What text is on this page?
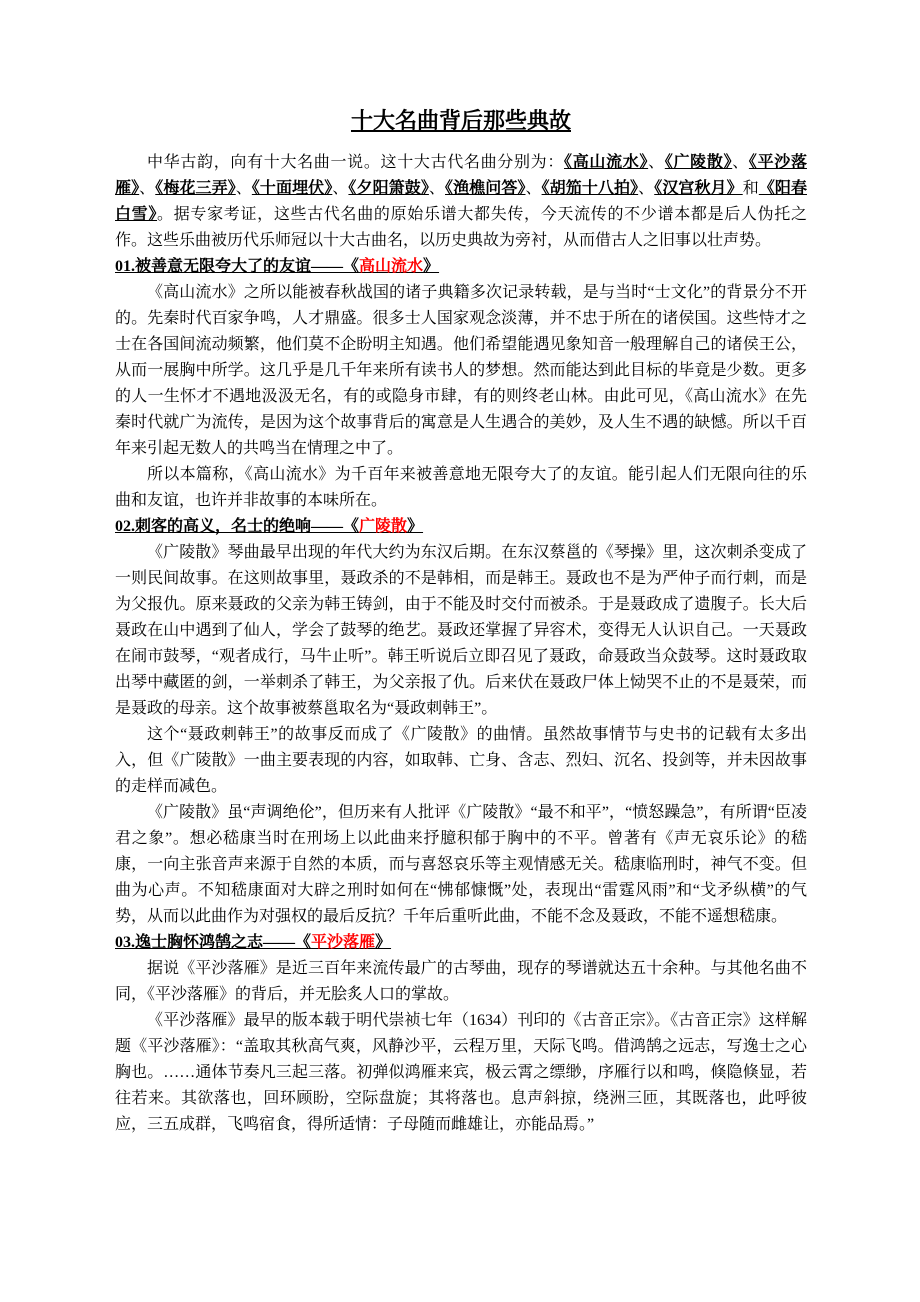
十大名曲背后那些典故

中华古韵，向有十大名曲一说。这十大古代名曲分别为：《高山流水》、《广陵散》、《平沙落雁》、《梅花三弄》、《十面埋伏》、《夕阳箫鼓》、《渔樵问答》、《胡笳十八拍》、《汉宫秋月》和《阳春白雪》。据专家考证，这些古代名曲的原始乐谱大都失传，今天流传的不少谱本都是后人伪托之作。这些乐曲被历代乐师冠以十大古曲名，以历史典故为旁衬，从而借古人之旧事以壮声势。

01.被善意无限夸大了的友谊——《高山流水》

《高山流水》之所以能被春秋战国的诸子典籍多次记录转载，是与当时“士文化”的背景分不开的。先秦时代百家争鸣，人才鼎盛。很多士人国家观念淡薄，并不忠于所在的诸侯国。这些恃才之士在各国间流动频繁，他们莫不企盼明主知遇。他们希望能遇见象知音一般理解自己的诸侯王公，从而一展胸中所学。这几乎是几千年来所有读书人的梦想。然而能达到此目标的毕竟是少数。更多的人一生怀才不遇地汲汲无名，有的或隐身市肆，有的则终老山林。由此可见，《高山流水》在先秦时代就广为流传，是因为这个故事背后的寓意是人生遇合的美妙，及人生不遇的缺憾。所以千百年来引起无数人的共鸣当在情理之中了。

所以本篇称，《高山流水》为千百年来被善意地无限夸大了的友谊。能引起人们无限向往的乐曲和友谊，也许并非故事的本味所在。

02.刺客的高义，名士的绝响——《广陵散》

《广陵散》琴曲最早出现的年代大约为东汉后期。在东汉蔡邕的《琴操》里，这次刺杀变成了一则民间故事。在这则故事里，聂政杀的不是韩相，而是韩王。聂政也不是为严仲子而行刺，而是为父报仇。原来聂政的父亲为韩王铸剑，由于不能及时交付而被杀。于是聂政成了遗腹子。长大后聂政在山中遇到了仙人，学会了鼓琴的绝艺。聂政还掌握了异容术，变得无人认识自己。一天聂政在闹市鼓琴，“观者成行，马牛止听”。韩王听说后立即召见了聂政，命聂政当众鼓琴。这时聂政取出琴中藏匿的剑，一举刺杀了韩王，为父亲报了仇。后来伏在聂政尸体上恸哭不止的不是聂荣，而是聂政的母亲。这个故事被蔡邕取名为“聂政刺韩王”。

这个“聂政刺韩王”的故事反而成了《广陵散》的曲情。虽然故事情节与史书的记载有太多出入，但《广陵散》一曲主要表现的内容，如取韩、亡身、含志、烈妇、沉名、投剑等，并未因故事的走样而减色。

《广陵散》虽“声调绝伦”，但历来有人批评《广陵散》“最不和平”，“愤怒躁急”，有所谓“臣凌君之象”。想必嵇康当时在刑场上以此曲来抒臆积郁于胸中的不平。曾著有《声无哀乐论》的嵇康，一向主张音声来源于自然的本质，而与喜怒哀乐等主观情感无关。嵇康临刑时，神气不变。但曲为心声。不知嵇康面对大辟之刑时如何在“怫郁慷慨”处，表现出“雷霆风雨”和“戈矛纵横”的气势，从而以此曲作为对强权的最后反抗？千年后重听此曲，不能不念及聂政，不能不遥想嵇康。

03.逸士胸怀鸿鹄之志——《平沙落雁》

据说《平沙落雁》是近三百年来流传最广的古琴曲，现存的琴谱就达五十余种。与其他名曲不同，《平沙落雁》的背后，并无脍炙人口的掌故。

《平沙落雁》最早的版本载于明代崇祯七年（1634）刊印的《古音正宗》。《古音正宗》这样解题《平沙落雁》：“盖取其秋高气爽，风静沙平，云程万里，天际飞鸣。借鸿鹄之远志，写逸士之心胸也。……通体节奏凡三起三落。初弹似鸿雁来宾，极云霄之缥缈，序雁行以和鸣，倏隐倏显，若往若来。其欲落也，回环顾盼，空际盘旋；其将落也。息声斜掠，绕洲三匝，其既落也，此呼彼应，三五成群，飞鸣宿食，得所适情：子母随而雌雄让，亦能品焉。”
